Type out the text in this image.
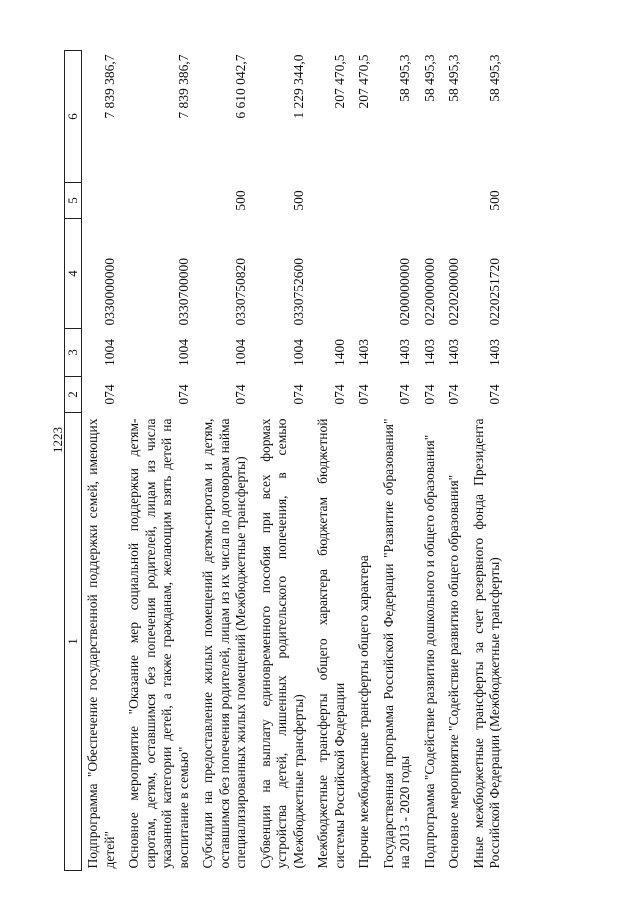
1223
1	2	3	4	5	6
Подпрограмма "Обеспечение государственной поддержки семей, имеющих детей"	074	1004	0330000000		7 839 386,7
Основное мероприятие "Оказание мер социальной поддержки детям-сиротам, детям, оставшимся без попечения родителей, лицам из числа указанной категории детей, а также гражданам, желающим взять детей на воспитание в семью"	074	1004	0330700000		7 839 386,7
Субсидии на предоставление жилых помещений детям-сиротам и детям, оставшимся без попечения родителей, лицам из их числа по договорам найма специализированных жилых помещений (Межбюджетные трансферты)	074	1004	0330750820	500	6 610 042,7
Субвенции на выплату единовременного пособия при всех формах устройства детей, лишенных родительского попечения, в семью (Межбюджетные трансферты)	074	1004	0330752600	500	1 229 344,0
Межбюджетные трансферты общего характера бюджетам бюджетной системы Российской Федерации	074	1400			207 470,5
Прочие межбюджетные трансферты общего характера	074	1403			207 470,5
Государственная программа Российской Федерации "Развитие образования" на 2013 - 2020 годы	074	1403	0200000000		58 495,3
Подпрограмма "Содействие развитию дошкольного и общего образования"	074	1403	0220000000		58 495,3
Основное мероприятие "Содействие развитию общего образования"	074	1403	0220200000		58 495,3
Иные межбюджетные трансферты за счет резервного фонда Президента Российской Федерации (Межбюджетные трансферты)	074	1403	0220251720	500	58 495,3
